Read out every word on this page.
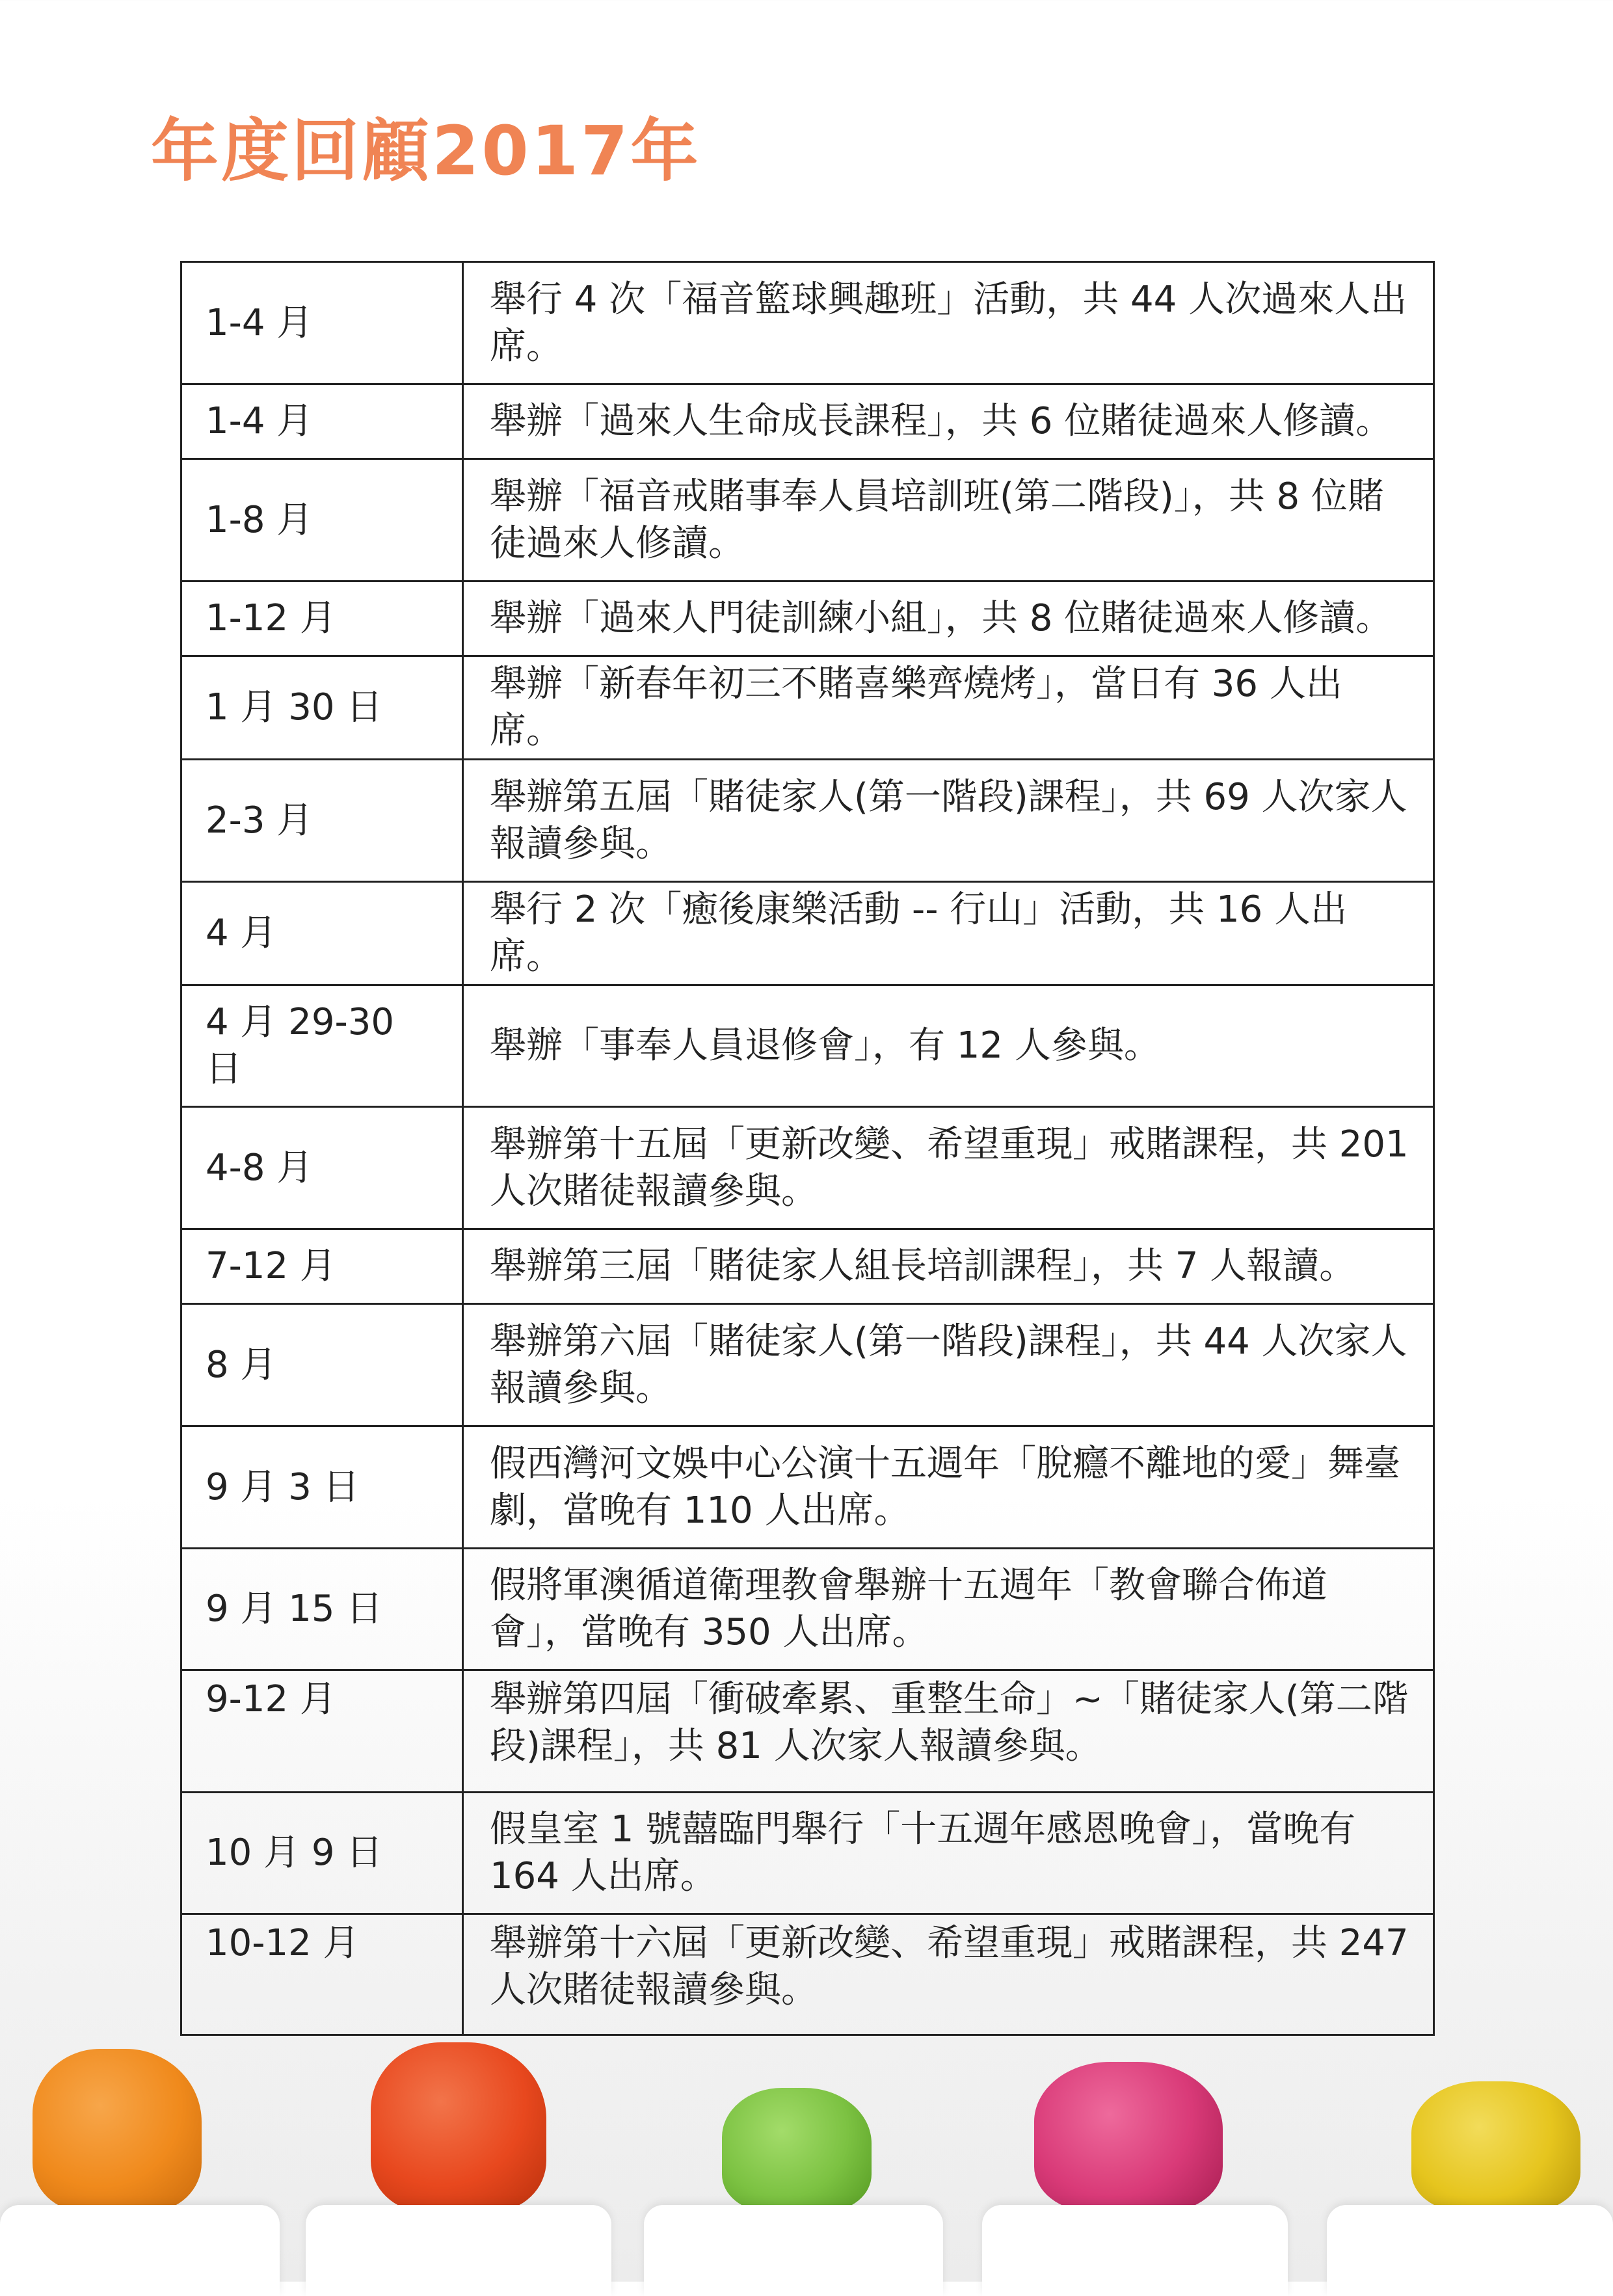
年度回顧2017年
1-4 月	舉行 4 次「福音籃球興趣班」活動，共 44 人次過來人出席。
1-4 月	舉辦「過來人生命成長課程」，共 6 位賭徒過來人修讀。
1-8 月	舉辦「福音戒賭事奉人員培訓班(第二階段)」，共 8 位賭徒過來人修讀。
1-12 月	舉辦「過來人門徒訓練小組」，共 8 位賭徒過來人修讀。
1 月 30 日	舉辦「新春年初三不賭喜樂齊燒烤」，當日有 36 人出席。
2-3 月	舉辦第五屆「賭徒家人(第一階段)課程」，共 69 人次家人報讀參與。
4 月	舉行 2 次「癒後康樂活動 -- 行山」活動，共 16 人出席。
4 月 29-30 日	舉辦「事奉人員退修會」，有 12 人參與。
4-8 月	舉辦第十五屆「更新改變、希望重現」戒賭課程，共 201 人次賭徒報讀參與。
7-12 月	舉辦第三屆「賭徒家人組長培訓課程」，共 7 人報讀。
8 月	舉辦第六屆「賭徒家人(第一階段)課程」，共 44 人次家人報讀參與。
9 月 3 日	假西灣河文娛中心公演十五週年「脫癮不離地的愛」舞臺劇，當晚有 110 人出席。
9 月 15 日	假將軍澳循道衛理教會舉辦十五週年「教會聯合佈道會」，當晚有 350 人出席。
9-12 月	舉辦第四屆「衝破牽累、重整生命」~「賭徒家人(第二階段)課程」，共 81 人次家人報讀參與。
10 月 9 日	假皇室 1 號囍臨門舉行「十五週年感恩晚會」，當晚有 164 人出席。
10-12 月	舉辦第十六屆「更新改變、希望重現」戒賭課程，共 247 人次賭徒報讀參與。
